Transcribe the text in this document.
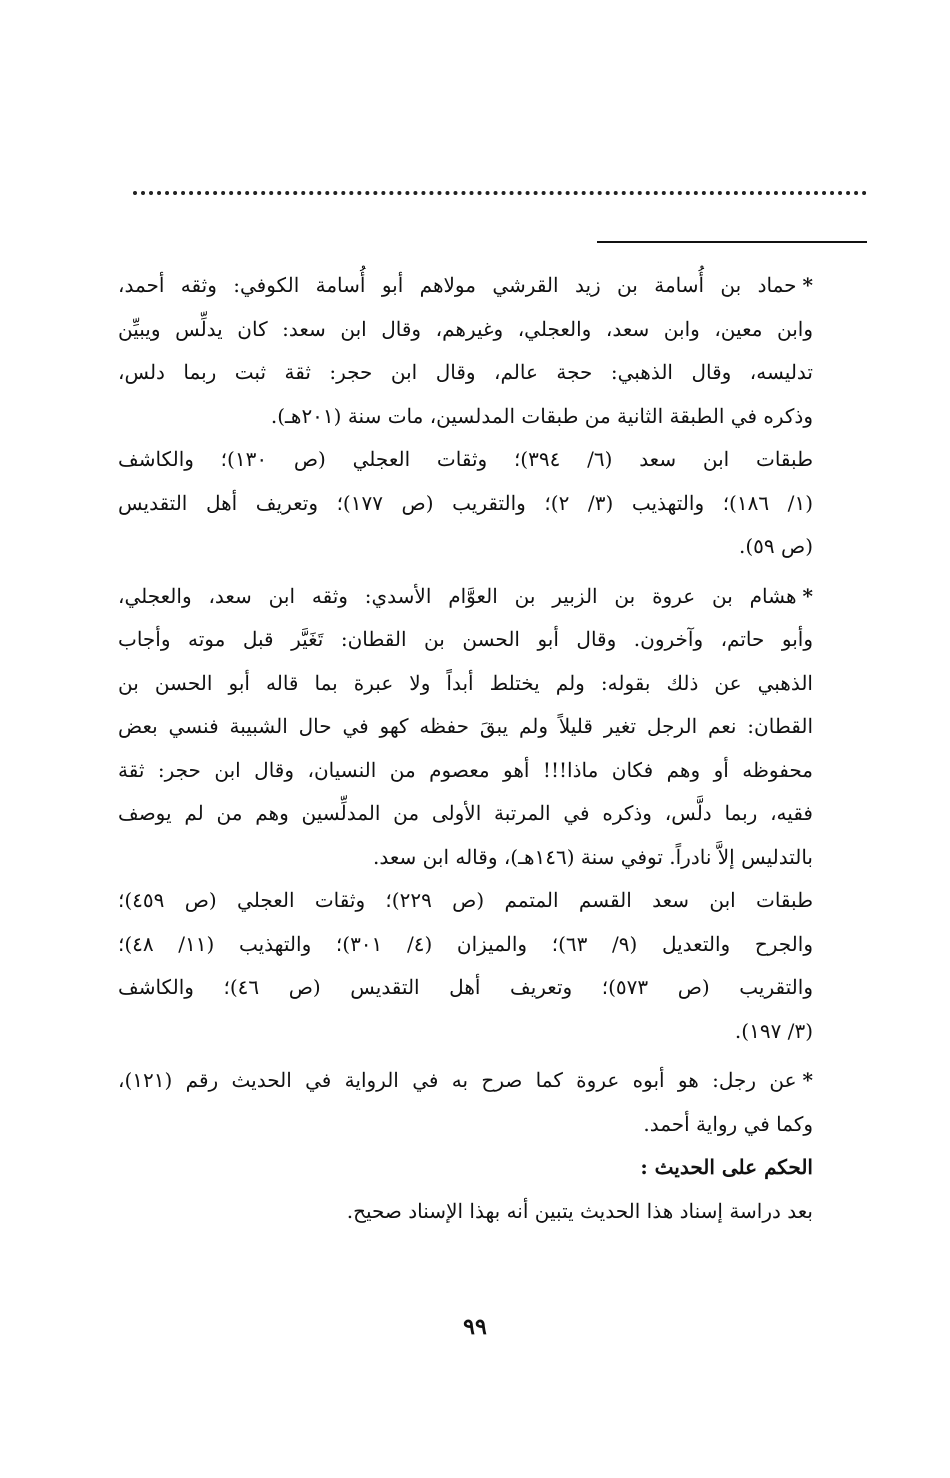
*حماد بن أُسامة بن زيد القرشي مولاهم أبو أُسامة الكوفي: وثقه أحمد،
وابن معين، وابن سعد، والعجلي، وغيرهم، وقال ابن سعد: كان يدلِّس ويبيِّن
تدليسه، وقال الذهبي: حجة عالم، وقال ابن حجر: ثقة ثبت ربما دلس،
وذكره في الطبقة الثانية من طبقات المدلسين، مات سنة (٢٠١هـ).

طبقات ابن سعد (٦/ ٣٩٤)؛ وثقات العجلي (ص ١٣٠)؛ والكاشف
(١/ ١٨٦)؛ والتهذيب (٣/ ٢)؛ والتقريب (ص ١٧٧)؛ وتعريف أهل التقديس
(ص ٥٩).

*هشام بن عروة بن الزبير بن العوَّام الأسدي: وثقه ابن سعد، والعجلي،
وأبو حاتم، وآخرون. وقال أبو الحسن بن القطان: تَغَيَّر قبل موته وأجاب
الذهبي عن ذلك بقوله: ولم يختلط أبداً ولا عبرة بما قاله أبو الحسن بن
القطان: نعم الرجل تغير قليلاً ولم يبقَ حفظه كهو في حال الشبيبة فنسي بعض
محفوظه أو وهم فكان ماذا!!! أهو معصوم من النسيان، وقال ابن حجر: ثقة
فقيه، ربما دلَّس، وذكره في المرتبة الأولى من المدلِّسين وهم من لم يوصف
بالتدليس إلاَّ نادراً. توفي سنة (١٤٦هـ)، وقاله ابن سعد.

طبقات ابن سعد القسم المتمم (ص ٢٢٩)؛ وثقات العجلي (ص ٤٥٩)؛
والجرح والتعديل (٩/ ٦٣)؛ والميزان (٤/ ٣٠١)؛ والتهذيب (١١/ ٤٨)؛
والتقريب (ص ٥٧٣)؛ وتعريف أهل التقديس (ص ٤٦)؛ والكاشف
(٣/ ١٩٧).

*عن رجل: هو أبوه عروة كما صرح به في الرواية في الحديث رقم (١٢١)،
وكما في رواية أحمد.

الحكم على الحديث :

بعد دراسة إسناد هذا الحديث يتبين أنه بهذا الإسناد صحيح.

٩٩
